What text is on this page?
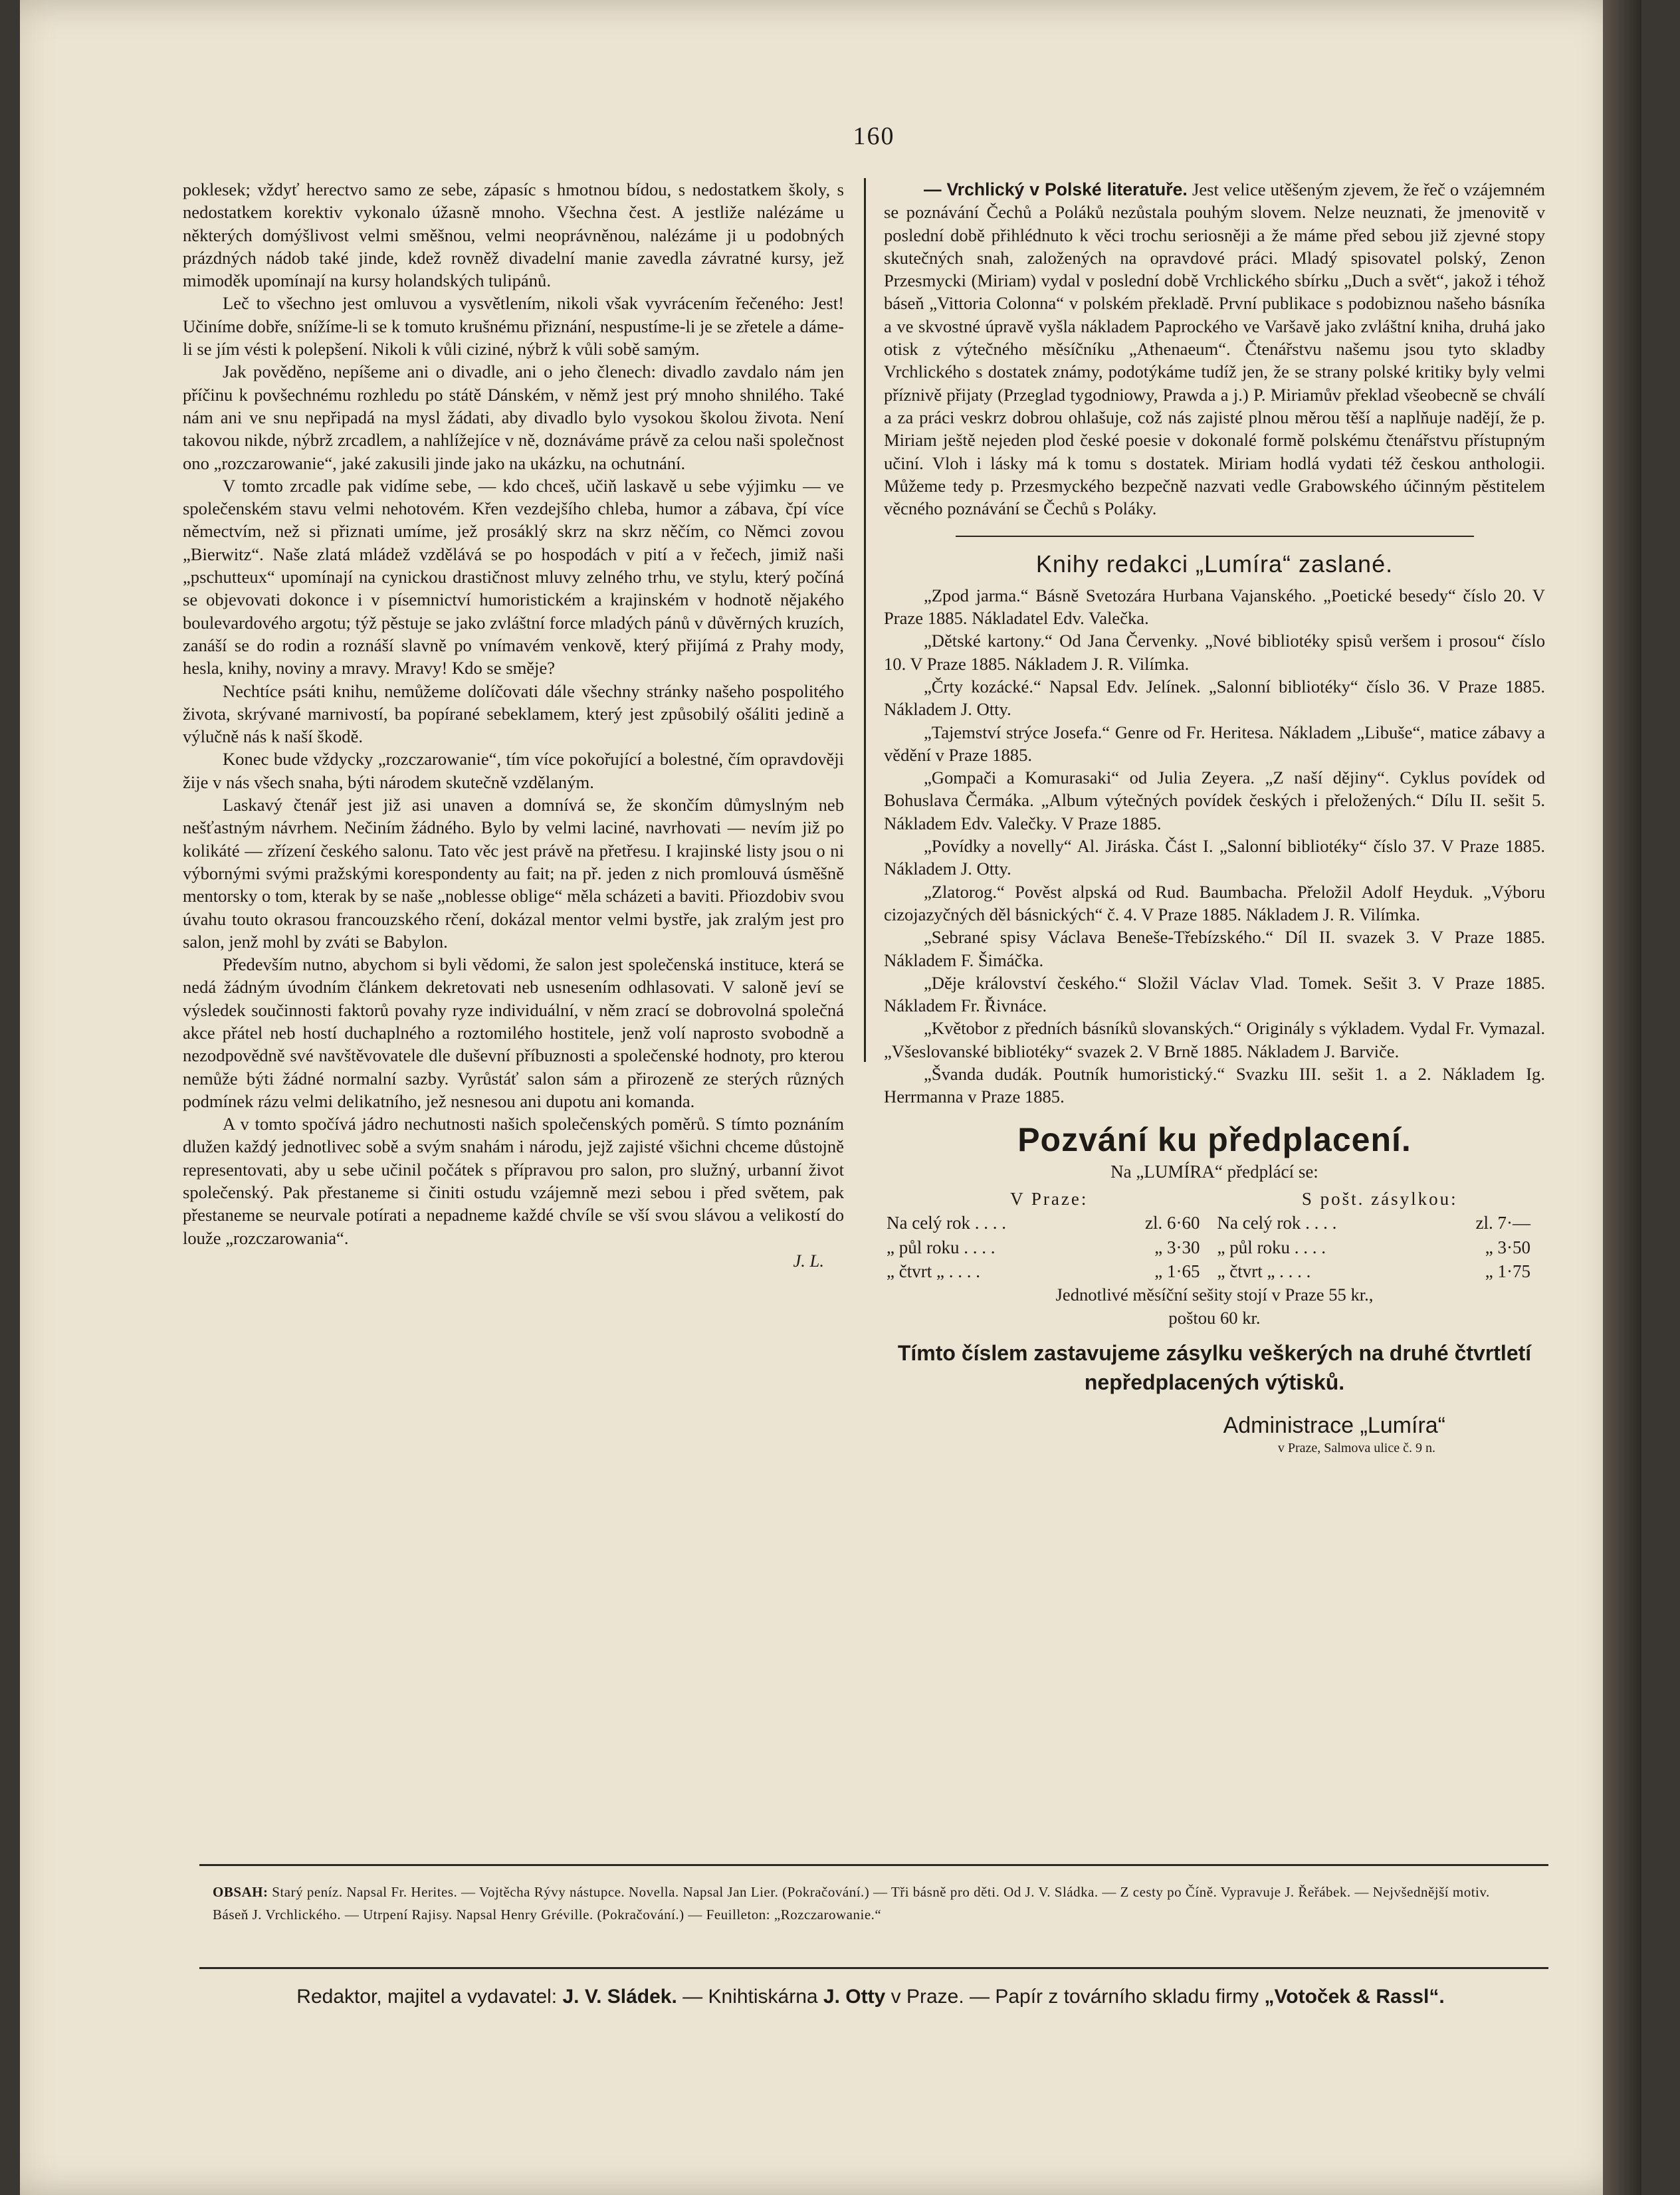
160

poklesek; vždyť herectvo samo ze sebe, zápasíc s hmotnou bídou, s nedostatkem školy, s nedostatkem korektiv vykonalo úžasně mnoho. Všechna čest. A jestliže nalézáme u některých domýšlivost velmi směšnou, velmi neoprávněnou, nalézáme ji u podobných prázdných nádob také jinde, kdež rovněž divadelní manie zavedla závratné kursy, jež mimoděk upomínají na kursy holandských tulipánů.

Leč to všechno jest omluvou a vysvětlením, nikoli však vyvrácením řečeného: Jest! Učiníme dobře, snížíme-li se k tomuto krušnému přiznání, nespustíme-li je se zřetele a dáme-li se jím vésti k polepšení. Nikoli k vůli ciziné, nýbrž k vůli sobě samým.

Jak pověděno, nepíšeme ani o divadle, ani o jeho členech: divadlo zavdalo nám jen příčinu k povšechnému rozhledu po státě Dánském, v němž jest prý mnoho shnilého. Také nám ani ve snu nepřipadá na mysl žádati, aby divadlo bylo vysokou školou života. Není takovou nikde, nýbrž zrcadlem, a nahlížejíce v ně, doznáváme právě za celou naši společnost ono „rozczarowanie“, jaké zakusili jinde jako na ukázku, na ochutnání.

V tomto zrcadle pak vidíme sebe, — kdo chceš, učiň laskavě u sebe výjimku — ve společenském stavu velmi nehotovém. Křen vezdejšího chleba, humor a zábava, čpí více němectvím, než si přiznati umíme, jež prosáklý skrz na skrz něčím, co Němci zovou „Bierwitz“. Naše zlatá mládež vzdělává se po hospodách v pití a v řečech, jimiž naši „pschutteux“ upomínají na cynickou drastičnost mluvy zelného trhu, ve stylu, který počíná se objevovati dokonce i v písemnictví humoristickém a krajinském v hodnotě nějakého boulevardového argotu; týž pěstuje se jako zvláštní force mladých pánů v důvěrných kruzích, zanáší se do rodin a roznáší slavně po vnímavém venkově, který přijímá z Prahy mody, hesla, knihy, noviny a mravy. Mravy! Kdo se směje?

Nechtíce psáti knihu, nemůžeme dolíčovati dále všechny stránky našeho pospolitého života, skrývané marnivostí, ba popírané sebeklamem, který jest způsobilý ošáliti jedině a výlučně nás k naší škodě.

Konec bude vždycky „rozczarowanie“, tím více pokořující a bolestné, čím opravdověji žije v nás všech snaha, býti národem skutečně vzdělaným.

Laskavý čtenář jest již asi unaven a domnívá se, že skončím důmyslným neb nešťastným návrhem. Nečiním žádného. Bylo by velmi laciné, navrhovati — nevím již po kolikáté — zřízení českého salonu. Tato věc jest právě na přetřesu. I krajinské listy jsou o ni výbornými svými pražskými korespondenty au fait; na př. jeden z nich promlouvá úsměšně mentorsky o tom, kterak by se naše „noblesse oblige“ měla scházeti a baviti. Přiozdobiv svou úvahu touto okrasou francouzského rčení, dokázal mentor velmi bystře, jak zralým jest pro salon, jenž mohl by zváti se Babylon.

Především nutno, abychom si byli vědomi, že salon jest společenská instituce, která se nedá žádným úvodním článkem dekretovati neb usnesením odhlasovati. V saloně jeví se výsledek součinnosti faktorů povahy ryze individuální, v něm zrací se dobrovolná společná akce přátel neb hostí duchaplného a roztomilého hostitele, jenž volí naprosto svobodně a nezodpovědně své navštěvovatele dle duševní příbuznosti a společenské hodnoty, pro kterou nemůže býti žádné normalní sazby. Vyrůstáť salon sám a přirozeně ze sterých různých podmínek rázu velmi delikatního, jež nesnesou ani dupotu ani komanda.

A v tomto spočívá jádro nechutnosti našich společenských poměrů. S tímto poznáním dlužen každý jednotlivec sobě a svým snahám i národu, jejž zajisté všichni chceme důstojně representovati, aby u sebe učinil počátek s přípravou pro salon, pro služný, urbanní život společenský. Pak přestaneme si činiti ostudu vzájemně mezi sebou i před světem, pak přestaneme se neurvale potírati a nepadneme každé chvíle se vší svou slávou a velikostí do louže „rozczarowania“.

J. L.

— Vrchlický v Polské literatuře. Jest velice utěšeným zjevem, že řeč o vzájemném se poznávání Čechů a Poláků nezůstala pouhým slovem. Nelze neuznati, že jmenovitě v poslední době přihlédnuto k věci trochu seriosněji a že máme před sebou již zjevné stopy skutečných snah, založených na opravdové práci. Mladý spisovatel polský, Zenon Przesmycki (Miriam) vydal v poslední době Vrchlického sbírku „Duch a svět“, jakož i téhož báseň „Vittoria Colonna“ v polském překladě. První publikace s podobiznou našeho básníka a ve skvostné úpravě vyšla nákladem Paprockého ve Varšavě jako zvláštní kniha, druhá jako otisk z výtečného měsíčníku „Athenaeum“. Čtenářstvu našemu jsou tyto skladby Vrchlického s dostatek známy, podotýkáme tudíž jen, že se strany polské kritiky byly velmi příznivě přijaty (Przeglad tygodniowy, Prawda a j.) P. Miriamův překlad všeobecně se chválí a za práci veskrz dobrou ohlašuje, což nás zajisté plnou měrou těší a naplňuje nadějí, že p. Miriam ještě nejeden plod české poesie v dokonalé formě polskému čtenářstvu přístupným učiní. Vloh i lásky má k tomu s dostatek. Miriam hodlá vydati též českou anthologii. Můžeme tedy p. Przesmyckého bezpečně nazvati vedle Grabowského účinným pěstitelem věcného poznávání se Čechů s Poláky.

Knihy redakci „Lumíra“ zaslané.

„Zpod jarma.“ Básně Svetozára Hurbana Vajanského. „Poetické besedy“ číslo 20. V Praze 1885. Nákladatel Edv. Valečka.

„Dětské kartony.“ Od Jana Červenky. „Nové bibliotéky spisů veršem i prosou“ číslo 10. V Praze 1885. Nákladem J. R. Vilímka.

„Črty kozácké.“ Napsal Edv. Jelínek. „Salonní bibliotéky“ číslo 36. V Praze 1885. Nákladem J. Otty.

„Tajemství strýce Josefa.“ Genre od Fr. Heritesa. Nákladem „Libuše“, matice zábavy a vědění v Praze 1885.

„Gompači a Komurasaki“ od Julia Zeyera. „Z naší dějiny“. Cyklus povídek od Bohuslava Čermáka. „Album výtečných povídek českých i přeložených.“ Dílu II. sešit 5. Nákladem Edv. Valečky. V Praze 1885.

„Povídky a novelly“ Al. Jiráska. Část I. „Salonní bibliotéky“ číslo 37. V Praze 1885. Nákladem J. Otty.

„Zlatorog.“ Pověst alpská od Rud. Baumbacha. Přeložil Adolf Heyduk. „Výboru cizojazyčných děl básnických“ č. 4. V Praze 1885. Nákladem J. R. Vilímka.

„Sebrané spisy Václava Beneše-Třebízského.“ Díl II. svazek 3. V Praze 1885. Nákladem F. Šimáčka.

„Děje království českého.“ Složil Václav Vlad. Tomek. Sešit 3. V Praze 1885. Nákladem Fr. Řivnáce.

„Květobor z předních básníků slovanských.“ Originály s výkladem. Vydal Fr. Vymazal. „Všeslovanské bibliotéky“ svazek 2. V Brně 1885. Nákladem J. Barviče.

„Švanda dudák. Poutník humoristický.“ Svazku III. sešit 1. a 2. Nákladem Ig. Herrmanna v Praze 1885.

Pozvání ku předplacení.
Na „LUMÍRA“ předplácí se:
V Praze:		S pošt. zásylkou:	
Na celý rok . . . .	zl. 6·60	Na celý rok . . . .	zl. 7·—
„ půl roku . . . .	„ 3·30	„ půl roku . . . .	„ 3·50
„ čtvrt „ . . . .	„ 1·65	„ čtvrt „ . . . .	„ 1·75
Jednotlivé měsíční sešity stojí v Praze 55 kr.,
poštou 60 kr.
Tímto číslem zastavujeme zásylku veškerých na druhé čtvrtletí nepředplacených výtisků.
Administrace „Lumíra“
v Praze, Salmova ulice č. 9 n.
OBSAH: Starý peníz. Napsal Fr. Herites. — Vojtěcha Rývy nástupce. Novella. Napsal Jan Lier. (Pokračování.) — Tři básně pro děti. Od J. V. Sládka. — Z cesty po Číně. Vypravuje J. Řeřábek. — Nejvšednější motiv. Báseň J. Vrchlického. — Utrpení Rajisy. Napsal Henry Gréville. (Pokračování.) — Feuilleton: „Rozczarowanie.“
Redaktor, majitel a vydavatel: J. V. Sládek. — Knihtiskárna J. Otty v Praze. — Papír z továrního skladu firmy „Votoček & Rassl“.
